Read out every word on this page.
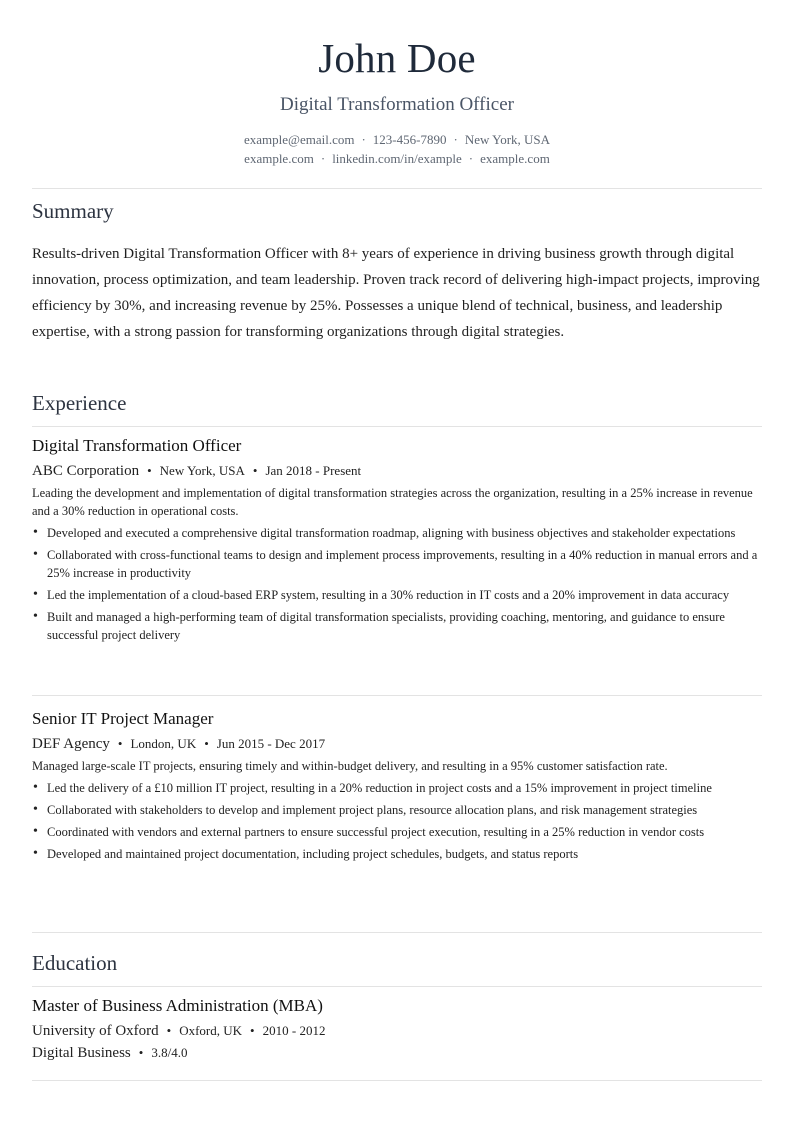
John Doe
Digital Transformation Officer
example@email.com · 123-456-7890 · New York, USA
example.com · linkedin.com/in/example · example.com
Summary
Results-driven Digital Transformation Officer with 8+ years of experience in driving business growth through digital innovation, process optimization, and team leadership. Proven track record of delivering high-impact projects, improving efficiency by 30%, and increasing revenue by 25%. Possesses a unique blend of technical, business, and leadership expertise, with a strong passion for transforming organizations through digital strategies.
Experience
Digital Transformation Officer
ABC Corporation • New York, USA • Jan 2018 - Present
Leading the development and implementation of digital transformation strategies across the organization, resulting in a 25% increase in revenue and a 30% reduction in operational costs.
• Developed and executed a comprehensive digital transformation roadmap, aligning with business objectives and stakeholder expectations
• Collaborated with cross-functional teams to design and implement process improvements, resulting in a 40% reduction in manual errors and a 25% increase in productivity
• Led the implementation of a cloud-based ERP system, resulting in a 30% reduction in IT costs and a 20% improvement in data accuracy
• Built and managed a high-performing team of digital transformation specialists, providing coaching, mentoring, and guidance to ensure successful project delivery
Senior IT Project Manager
DEF Agency • London, UK • Jun 2015 - Dec 2017
Managed large-scale IT projects, ensuring timely and within-budget delivery, and resulting in a 95% customer satisfaction rate.
• Led the delivery of a £10 million IT project, resulting in a 20% reduction in project costs and a 15% improvement in project timeline
• Collaborated with stakeholders to develop and implement project plans, resource allocation plans, and risk management strategies
• Coordinated with vendors and external partners to ensure successful project execution, resulting in a 25% reduction in vendor costs
• Developed and maintained project documentation, including project schedules, budgets, and status reports
Education
Master of Business Administration (MBA)
University of Oxford • Oxford, UK • 2010 - 2012
Digital Business • 3.8/4.0
